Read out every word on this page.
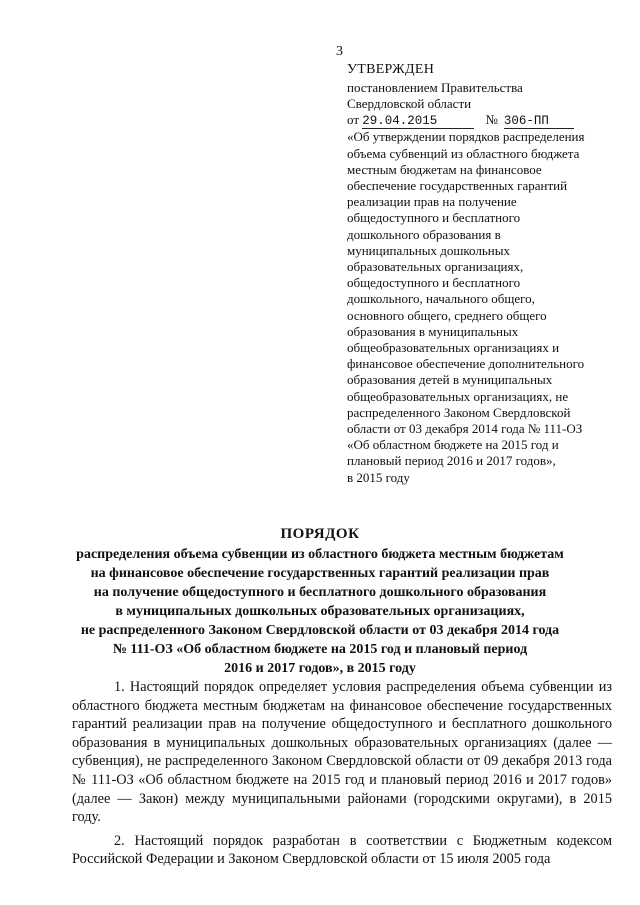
3
УТВЕРЖДЕН
постановлением Правительства
Свердловской области
от 29.04.2015	№ 306-ПП
«Об утверждении порядков распределения
объема субвенций из областного бюджета
местным бюджетам на финансовое
обеспечение государственных гарантий
реализации прав на получение
общедоступного и бесплатного
дошкольного образования в
муниципальных дошкольных
образовательных организациях,
общедоступного и бесплатного
дошкольного, начального общего,
основного общего, среднего общего
образования в муниципальных
общеобразовательных организациях и
финансовое обеспечение дополнительного
образования детей в муниципальных
общеобразовательных организациях, не
распределенного Законом Свердловской
области от 03 декабря 2014 года № 111-ОЗ
«Об областном бюджете на 2015 год и
плановый период 2016 и 2017 годов»,
в 2015 году
ПОРЯДОК
распределения объема субвенции из областного бюджета местным бюджетам
на финансовое обеспечение государственных гарантий реализации прав
на получение общедоступного и бесплатного дошкольного образования
в муниципальных дошкольных образовательных организациях,
не распределенного Законом Свердловской области от 03 декабря 2014 года
№ 111-ОЗ «Об областном бюджете на 2015 год и плановый период
2016 и 2017 годов», в 2015 году

1. Настоящий порядок определяет условия распределения объема субвенции из областного бюджета местным бюджетам на финансовое обеспечение государственных гарантий реализации прав на получение общедоступного и бесплатного дошкольного образования в муниципальных дошкольных образовательных организациях (далее — субвенция), не распределенного Законом Свердловской области от 09 декабря 2013 года № 111-ОЗ «Об областном бюджете на 2015 год и плановый период 2016 и 2017 годов» (далее — Закон) между муниципальными районами (городскими округами), в 2015 году.

2. Настоящий порядок разработан в соответствии с Бюджетным кодексом Российской Федерации и Законом Свердловской области от 15 июля 2005 года
